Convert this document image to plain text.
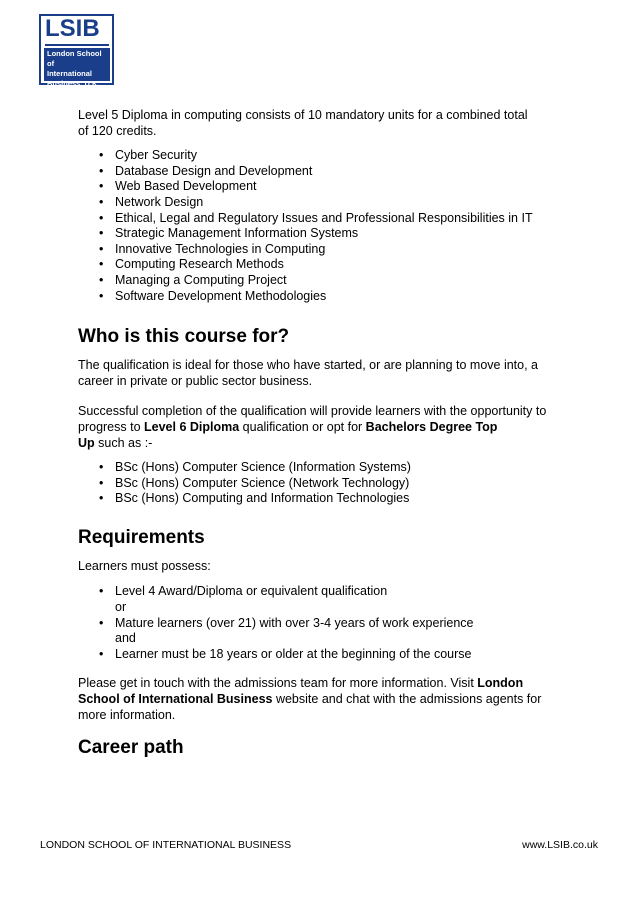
LSIB
London School of
International
Business, U.K.

Level 5 Diploma in computing consists of 10 mandatory units for a combined total
of 120 credits.

• Cyber Security
• Database Design and Development
• Web Based Development
• Network Design
• Ethical, Legal and Regulatory Issues and Professional Responsibilities in IT
• Strategic Management Information Systems
• Innovative Technologies in Computing
• Computing Research Methods
• Managing a Computing Project
• Software Development Methodologies
Who is this course for?

The qualification is ideal for those who have started, or are planning to move into, a
career in private or public sector business.

Successful completion of the qualification will provide learners with the opportunity to
progress to Level 6 Diploma qualification or opt for Bachelors Degree Top
Up such as :-

• BSc (Hons) Computer Science (Information Systems)
• BSc (Hons) Computer Science (Network Technology)
• BSc (Hons) Computing and Information Technologies
Requirements

Learners must possess:

• Level 4 Award/Diploma or equivalent qualification
or
• Mature learners (over 21) with over 3-4 years of work experience
and
• Learner must be 18 years or older at the beginning of the course

Please get in touch with the admissions team for more information. Visit London
School of International Business website and chat with the admissions agents for
more information.

Career path
LONDON SCHOOL OF INTERNATIONAL BUSINESS	www.LSIB.co.uk
